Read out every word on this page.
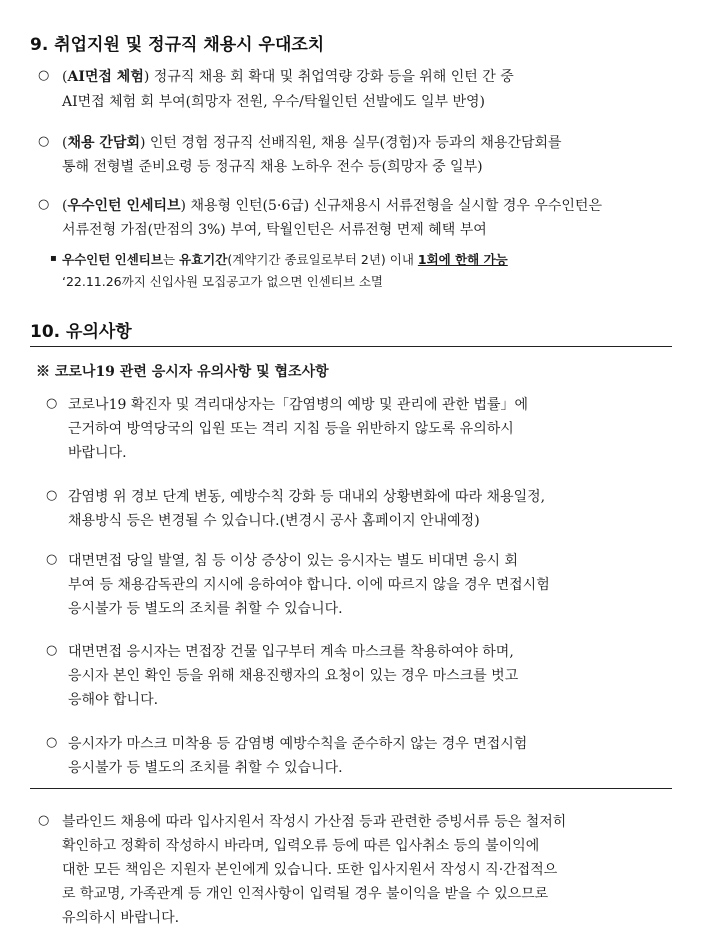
9. 취업지원 및 정규직 채용시 우대조치
○ (AI면접 체험) 정규직 채용 회 확대 및 취업역량 강화 등을 위해 인턴 간 중
AI면접 체험 회 부여(희망자 전원, 우수/탁월인턴 선발에도 일부 반영)
○ (채용 간담회) 인턴 경험 정규직 선배직원, 채용 실무(경험)자 등과의 채용간담회를
통해 전형별 준비요령 등 정규직 채용 노하우 전수 등(희망자 중 일부)
○ (우수인턴 인세티브) 채용형 인턴(5·6급) 신규채용시 서류전형을 실시할 경우 우수인턴은
서류전형 가점(만점의 3%) 부여, 탁월인턴은 서류전형 면제 혜택 부여
▪ 우수인턴 인센티브는 유효기간(계약기간 종료일로부터 2년) 이내 1회에 한해 가능
‘22.11.26까지 신입사원 모집공고가 없으면 인센티브 소멸
10. 유의사항
※ 코로나19 관련 응시자 유의사항 및 협조사항
○ 코로나19 확진자 및 격리대상자는「감염병의 예방 및 관리에 관한 법률」에
근거하여 방역당국의 입원 또는 격리 지침 등을 위반하지 않도록 유의하시
바랍니다.
○ 감염병 위 경보 단계 변동, 예방수칙 강화 등 대내외 상황변화에 따라 채용일정,
채용방식 등은 변경될 수 있습니다.(변경시 공사 홈페이지 안내예정)
○ 대면면접 당일 발열, 침 등 이상 증상이 있는 응시자는 별도 비대면 응시 회
부여 등 채용감독관의 지시에 응하여야 합니다. 이에 따르지 않을 경우 면접시험
응시불가 등 별도의 조치를 취할 수 있습니다.
○ 대면면접 응시자는 면접장 건물 입구부터 계속 마스크를 착용하여야 하며,
응시자 본인 확인 등을 위해 채용진행자의 요청이 있는 경우 마스크를 벗고
응해야 합니다.
○ 응시자가 마스크 미착용 등 감염병 예방수칙을 준수하지 않는 경우 면접시험
응시불가 등 별도의 조치를 취할 수 있습니다.
○ 블라인드 채용에 따라 입사지원서 작성시 가산점 등과 관련한 증빙서류 등은 철저히
확인하고 정확히 작성하시 바라며, 입력오류 등에 따른 입사취소 등의 불이익에
대한 모든 책임은 지원자 본인에게 있습니다. 또한 입사지원서 작성시 직·간접적으
로 학교명, 가족관계 등 개인 인적사항이 입력될 경우 불이익을 받을 수 있으므로
유의하시 바랍니다.
